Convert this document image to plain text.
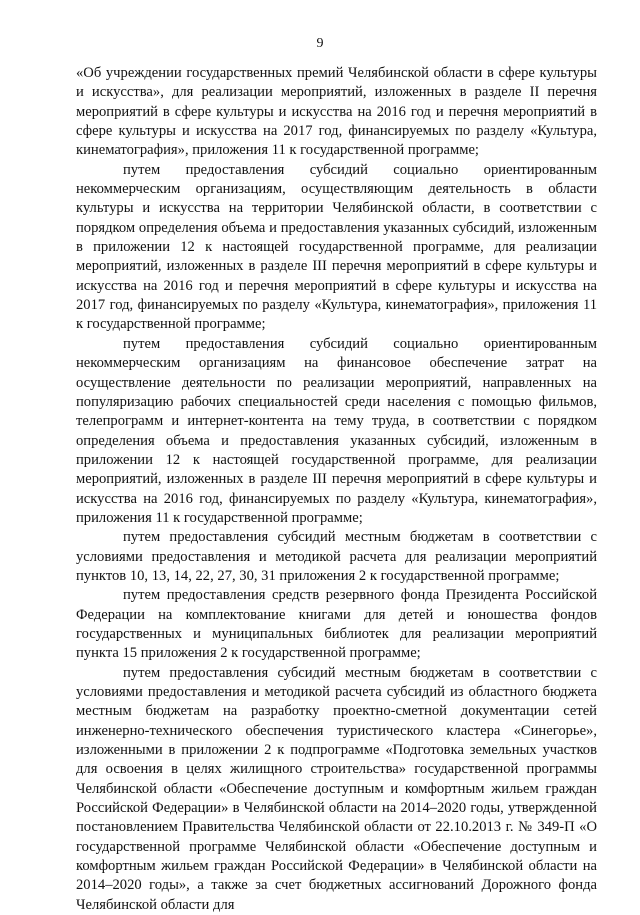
9

«Об учреждении государственных премий Челябинской области в сфере культуры и искусства», для реализации мероприятий, изложенных в разделе II перечня мероприятий в сфере культуры и искусства на 2016 год и перечня мероприятий в сфере культуры и искусства на 2017 год, финансируемых по разделу «Культура, кинематография», приложения 11 к государственной программе;

путем предоставления субсидий социально ориентированным некоммерческим организациям, осуществляющим деятельность в области культуры и искусства на территории Челябинской области, в соответствии с порядком определения объема и предоставления указанных субсидий, изложенным в приложении 12 к настоящей государственной программе, для реализации мероприятий, изложенных в разделе III перечня мероприятий в сфере культуры и искусства на 2016 год и перечня мероприятий в сфере культуры и искусства на 2017 год, финансируемых по разделу «Культура, кинематография», приложения 11 к государственной программе;

путем предоставления субсидий социально ориентированным некоммерческим организациям на финансовое обеспечение затрат на осуществление деятельности по реализации мероприятий, направленных на популяризацию рабочих специальностей среди населения с помощью фильмов, телепрограмм и интернет-контента на тему труда, в соответствии с порядком определения объема и предоставления указанных субсидий, изложенным в приложении 12 к настоящей государственной программе, для реализации мероприятий, изложенных в разделе III перечня мероприятий в сфере культуры и искусства на 2016 год, финансируемых по разделу «Культура, кинематография», приложения 11 к государственной программе;

путем предоставления субсидий местным бюджетам в соответствии с условиями предоставления и методикой расчета для реализации мероприятий пунктов 10, 13, 14, 22, 27, 30, 31 приложения 2 к государственной программе;

путем предоставления средств резервного фонда Президента Российской Федерации на комплектование книгами для детей и юношества фондов государственных и муниципальных библиотек для реализации мероприятий пункта 15 приложения 2 к государственной программе;

путем предоставления субсидий местным бюджетам в соответствии с условиями предоставления и методикой расчета субсидий из областного бюджета местным бюджетам на разработку проектно-сметной документации сетей инженерно-технического обеспечения туристического кластера «Синегорье», изложенными в приложении 2 к подпрограмме «Подготовка земельных участков для освоения в целях жилищного строительства» государственной программы Челябинской области «Обеспечение доступным и комфортным жильем граждан Российской Федерации» в Челябинской области на 2014–2020 годы, утвержденной постановлением Правительства Челябинской области от 22.10.2013 г. № 349-П «О государственной программе Челябинской области «Обеспечение доступным и комфортным жильем граждан Российской Федерации» в Челябинской области на 2014–2020 годы», а также за счет бюджетных ассигнований Дорожного фонда Челябинской области для
